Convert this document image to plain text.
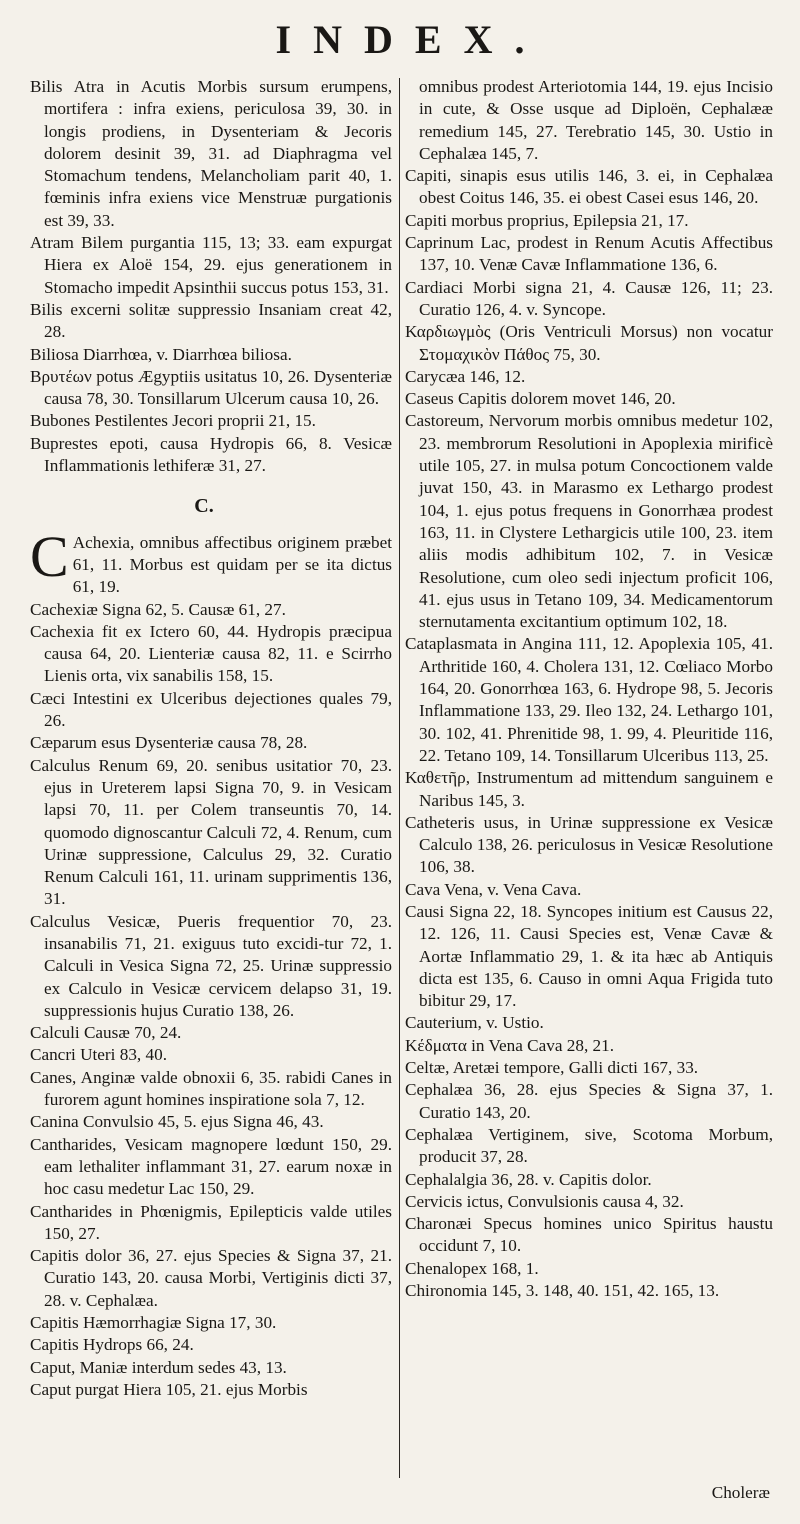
INDEX.

Bilis Atra in Acutis Morbis sursum erumpens, mortifera : infra exiens, periculosa 39, 30. in longis prodiens, in Dysenteriam & Jecoris dolorem desinit 39, 31. ad Diaphragma vel Stomachum tendens, Melancholiam parit 40, 1. fœminis infra exiens vice Menstruæ purgationis est 39, 33.

Atram Bilem purgantia 115, 13; 33. eam expurgat Hiera ex Aloë 154, 29. ejus generationem in Stomacho impedit Apsinthii succus potus 153, 31.

Bilis excerni solitæ suppressio Insaniam creat 42, 28.

Biliosa Diarrhœa, v. Diarrhœa biliosa.

Βρυτέων potus Ægyptiis usitatus 10, 26. Dysenteriæ causa 78, 30. Tonsillarum Ulcerum causa 10, 26.

Bubones Pestilentes Jecori proprii 21, 15.

Buprestes epoti, causa Hydropis 66, 8. Vesicæ Inflammationis lethiferæ 31, 27.

C.

C Achexia, omnibus affectibus originem præbet 61, 11. Morbus est quidam per se ita dictus 61, 19.

Cachexiæ Signa 62, 5. Causæ 61, 27.

Cachexia fit ex Ictero 60, 44. Hydropis præcipua causa 64, 20. Lienteriæ causa 82, 11. e Scirrho Lienis orta, vix sanabilis 158, 15.

Cæci Intestini ex Ulceribus dejectiones quales 79, 26.

Cæparum esus Dysenteriæ causa 78, 28.

Calculus Renum 69, 20. senibus usitatior 70, 23. ejus in Ureterem lapsi Signa 70, 9. in Vesicam lapsi 70, 11. per Colem transeuntis 70, 14. quomodo dignoscantur Calculi 72, 4. Renum, cum Urinæ suppressione, Calculus 29, 32. Curatio Renum Calculi 161, 11. urinam supprimentis 136, 31.

Calculus Vesicæ, Pueris frequentior 70, 23. insanabilis 71, 21. exiguus tuto excidi-tur 72, 1. Calculi in Vesica Signa 72, 25. Urinæ suppressio ex Calculo in Vesicæ cervicem delapso 31, 19. suppressionis hujus Curatio 138, 26.

Calculi Causæ 70, 24.

Cancri Uteri 83, 40.

Canes, Anginæ valde obnoxii 6, 35. rabidi Canes in furorem agunt homines inspiratione sola 7, 12.

Canina Convulsio 45, 5. ejus Signa 46, 43.

Cantharides, Vesicam magnopere lœdunt 150, 29. eam lethaliter inflammant 31, 27. earum noxæ in hoc casu medetur Lac 150, 29.

Cantharides in Phœnigmis, Epilepticis valde utiles 150, 27.

Capitis dolor 36, 27. ejus Species & Signa 37, 21. Curatio 143, 20. causa Morbi, Vertiginis dicti 37, 28. v. Cephalæa.

Capitis Hæmorrhagiæ Signa 17, 30.

Capitis Hydrops 66, 24.

Caput, Maniæ interdum sedes 43, 13.

Caput purgat Hiera 105, 21. ejus Morbis

omnibus prodest Arteriotomia 144, 19. ejus Incisio in cute, & Osse usque ad Diploën, Cephalææ remedium 145, 27. Terebratio 145, 30. Ustio in Cephalæa 145, 7.

Capiti, sinapis esus utilis 146, 3. ei, in Cephalæa obest Coitus 146, 35. ei obest Casei esus 146, 20.

Capiti morbus proprius, Epilepsia 21, 17.

Caprinum Lac, prodest in Renum Acutis Affectibus 137, 10. Venæ Cavæ Inflammatione 136, 6.

Cardiaci Morbi signa 21, 4. Causæ 126, 11; 23. Curatio 126, 4. v. Syncope.

Καρδιωγμὸς (Oris Ventriculi Morsus) non vocatur Στομαχικὸν Πάθος 75, 30.

Carycæa 146, 12.

Caseus Capitis dolorem movet 146, 20.

Castoreum, Nervorum morbis omnibus medetur 102, 23. membrorum Resolutioni in Apoplexia mirificè utile 105, 27. in mulsa potum Concoctionem valde juvat 150, 43. in Marasmo ex Lethargo prodest 104, 1. ejus potus frequens in Gonorrhæa prodest 163, 11. in Clystere Lethargicis utile 100, 23. item aliis modis adhibitum 102, 7. in Vesicæ Resolutione, cum oleo sedi injectum proficit 106, 41. ejus usus in Tetano 109, 34. Medicamentorum sternutamenta excitantium optimum 102, 18.

Cataplasmata in Angina 111, 12. Apoplexia 105, 41. Arthritide 160, 4. Cholera 131, 12. Cœliaco Morbo 164, 20. Gonorrhœa 163, 6. Hydrope 98, 5. Jecoris Inflammatione 133, 29. Ileo 132, 24. Lethargo 101, 30. 102, 41. Phrenitide 98, 1. 99, 4. Pleuritide 116, 22. Tetano 109, 14. Tonsillarum Ulceribus 113, 25.

Καθετῆρ, Instrumentum ad mittendum sanguinem e Naribus 145, 3.

Catheteris usus, in Urinæ suppressione ex Vesicæ Calculo 138, 26. periculosus in Vesicæ Resolutione 106, 38.

Cava Vena, v. Vena Cava.

Causi Signa 22, 18. Syncopes initium est Causus 22, 12. 126, 11. Causi Species est, Venæ Cavæ & Aortæ Inflammatio 29, 1. & ita hæc ab Antiquis dicta est 135, 6. Causo in omni Aqua Frigida tuto bibitur 29, 17.

Cauterium, v. Ustio.

Κέδματα in Vena Cava 28, 21.

Celtæ, Aretæi tempore, Galli dicti 167, 33.

Cephalæa 36, 28. ejus Species & Signa 37, 1. Curatio 143, 20.

Cephalæa Vertiginem, sive, Scotoma Morbum, producit 37, 28.

Cephalalgia 36, 28. v. Capitis dolor.

Cervicis ictus, Convulsionis causa 4, 32.

Charonæi Specus homines unico Spiritus haustu occidunt 7, 10.

Chenalopex 168, 1.

Chironomia 145, 3. 148, 40. 151, 42. 165, 13.

Choleræ
